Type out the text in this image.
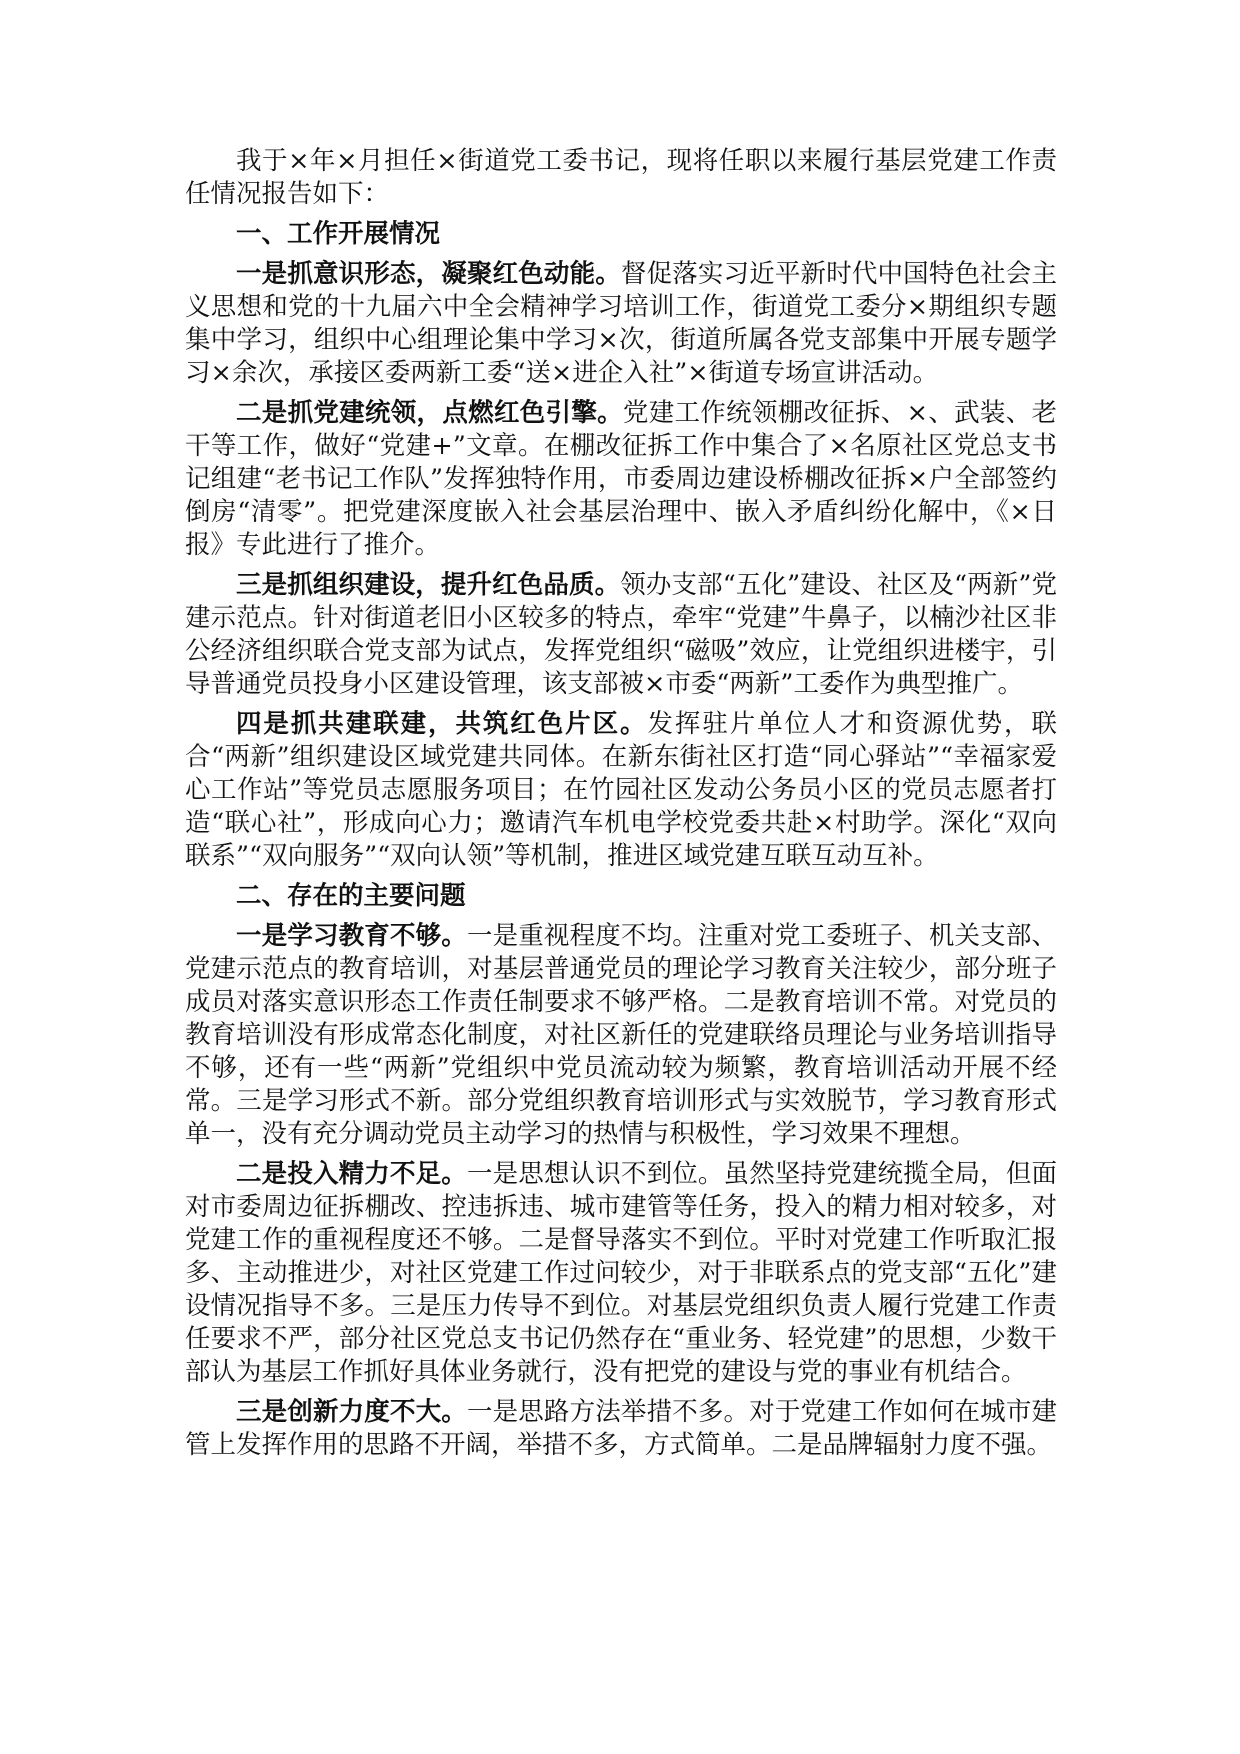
我于×年×月担任×街道党工委书记，现将任职以来履行基层党建工作责任情况报告如下：

一、工作开展情况

一是抓意识形态，凝聚红色动能。督促落实习近平新时代中国特色社会主义思想和党的十九届六中全会精神学习培训工作，街道党工委分×期组织专题集中学习，组织中心组理论集中学习×次，街道所属各党支部集中开展专题学习×余次，承接区委两新工委“送×进企入社”×街道专场宣讲活动。

二是抓党建统领，点燃红色引擎。党建工作统领棚改征拆、×、武装、老干等工作，做好“党建+”文章。在棚改征拆工作中集合了×名原社区党总支书记组建“老书记工作队”发挥独特作用，市委周边建设桥棚改征拆×户全部签约倒房“清零”。把党建深度嵌入社会基层治理中、嵌入矛盾纠纷化解中，《×日报》专此进行了推介。

三是抓组织建设，提升红色品质。领办支部“五化”建设、社区及“两新”党建示范点。针对街道老旧小区较多的特点，牵牢“党建”牛鼻子，以楠沙社区非公经济组织联合党支部为试点，发挥党组织“磁吸”效应，让党组织进楼宇，引导普通党员投身小区建设管理，该支部被×市委“两新”工委作为典型推广。

四是抓共建联建，共筑红色片区。发挥驻片单位人才和资源优势，联合“两新”组织建设区域党建共同体。在新东街社区打造“同心驿站”“幸福家爱心工作站”等党员志愿服务项目；在竹园社区发动公务员小区的党员志愿者打造“联心社”，形成向心力；邀请汽车机电学校党委共赴×村助学。深化“双向联系”“双向服务”“双向认领”等机制，推进区域党建互联互动互补。

二、存在的主要问题

一是学习教育不够。一是重视程度不均。注重对党工委班子、机关支部、党建示范点的教育培训，对基层普通党员的理论学习教育关注较少，部分班子成员对落实意识形态工作责任制要求不够严格。二是教育培训不常。对党员的教育培训没有形成常态化制度，对社区新任的党建联络员理论与业务培训指导不够，还有一些“两新”党组织中党员流动较为频繁，教育培训活动开展不经常。三是学习形式不新。部分党组织教育培训形式与实效脱节，学习教育形式单一，没有充分调动党员主动学习的热情与积极性，学习效果不理想。

二是投入精力不足。一是思想认识不到位。虽然坚持党建统揽全局，但面对市委周边征拆棚改、控违拆违、城市建管等任务，投入的精力相对较多，对党建工作的重视程度还不够。二是督导落实不到位。平时对党建工作听取汇报多、主动推进少，对社区党建工作过问较少，对于非联系点的党支部“五化”建设情况指导不多。三是压力传导不到位。对基层党组织负责人履行党建工作责任要求不严，部分社区党总支书记仍然存在“重业务、轻党建”的思想，少数干部认为基层工作抓好具体业务就行，没有把党的建设与党的事业有机结合。

三是创新力度不大。一是思路方法举措不多。对于党建工作如何在城市建管上发挥作用的思路不开阔，举措不多，方式简单。二是品牌辐射力度不强。
